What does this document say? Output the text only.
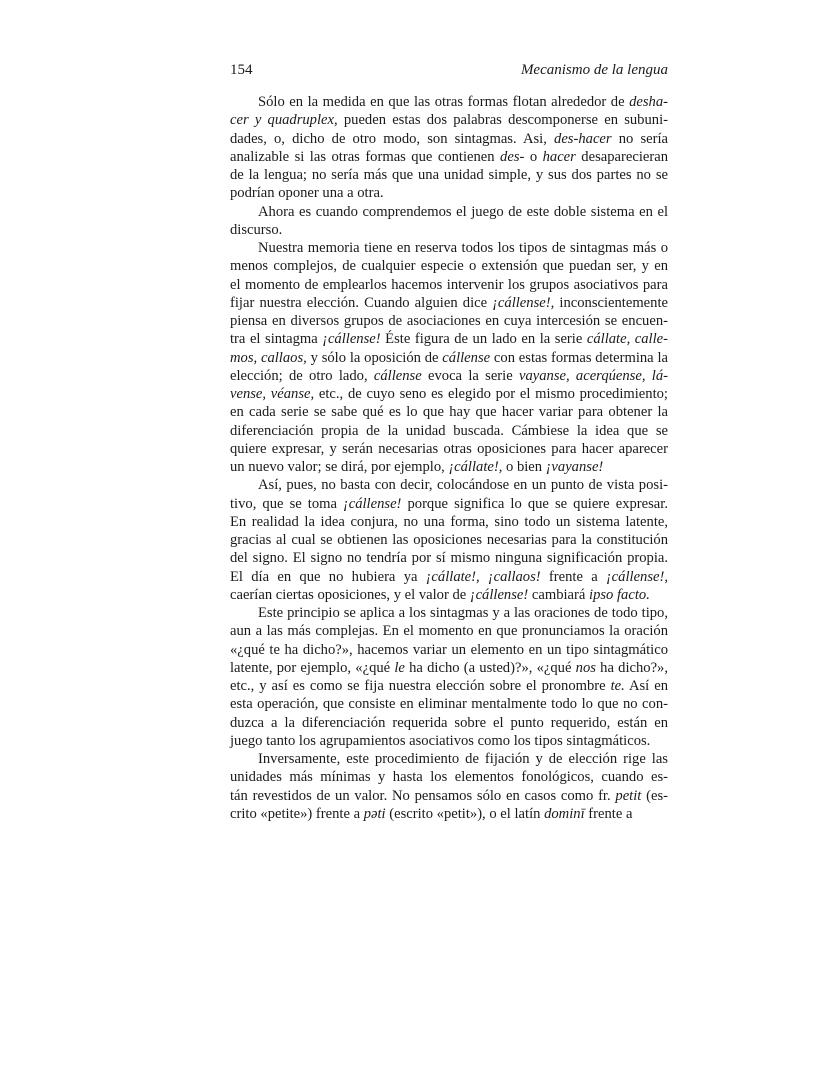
154	Mecanismo de la lengua
Sólo en la medida en que las otras formas flotan alrededor de desha-
cer y quadruplex, pueden estas dos palabras descomponerse en subuni-
dades, o, dicho de otro modo, son sintagmas. Asi, des-hacer no sería
analizable si las otras formas que contienen des- o hacer desaparecieran
de la lengua; no sería más que una unidad simple, y sus dos partes no se
podrían oponer una a otra.
Ahora es cuando comprendemos el juego de este doble sistema en el
discurso.
Nuestra memoria tiene en reserva todos los tipos de sintagmas más o
menos complejos, de cualquier especie o extensión que puedan ser, y en
el momento de emplearlos hacemos intervenir los grupos asociativos para
fijar nuestra elección. Cuando alguien dice ¡cállense!, inconscientemente
piensa en diversos grupos de asociaciones en cuya intercesión se encuen-
tra el sintagma ¡cállense! Éste figura de un lado en la serie cállate, calle-
mos, callaos, y sólo la oposición de cállense con estas formas determina la
elección; de otro lado, cállense evoca la serie vayanse, acerqúense, lá-
vense, véanse, etc., de cuyo seno es elegido por el mismo procedimiento;
en cada serie se sabe qué es lo que hay que hacer variar para obtener la
diferenciación propia de la unidad buscada. Cámbiese la idea que se
quiere expresar, y serán necesarias otras oposiciones para hacer aparecer
un nuevo valor; se dirá, por ejemplo, ¡cállate!, o bien ¡vayanse!
Así, pues, no basta con decir, colocándose en un punto de vista posi-
tivo, que se toma ¡cállense! porque significa lo que se quiere expresar.
En realidad la idea conjura, no una forma, sino todo un sistema latente,
gracias al cual se obtienen las oposiciones necesarias para la constitución
del signo. El signo no tendría por sí mismo ninguna significación propia.
El día en que no hubiera ya ¡cállate!, ¡callaos! frente a ¡cállense!,
caerían ciertas oposiciones, y el valor de ¡cállense! cambiará ipso facto.
Este principio se aplica a los sintagmas y a las oraciones de todo tipo,
aun a las más complejas. En el momento en que pronunciamos la oración
«¿qué te ha dicho?», hacemos variar un elemento en un tipo sintagmático
latente, por ejemplo, «¿qué le ha dicho (a usted)?», «¿qué nos ha dicho?»,
etc., y así es como se fija nuestra elección sobre el pronombre te. Así en
esta operación, que consiste en eliminar mentalmente todo lo que no con-
duzca a la diferenciación requerida sobre el punto requerido, están en
juego tanto los agrupamientos asociativos como los tipos sintagmáticos.
Inversamente, este procedimiento de fijación y de elección rige las
unidades más mínimas y hasta los elementos fonológicos, cuando es-
tán revestidos de un valor. No pensamos sólo en casos como fr. petit (es-
crito «petite») frente a pǝti (escrito «petit»), o el latín dominī frente a
